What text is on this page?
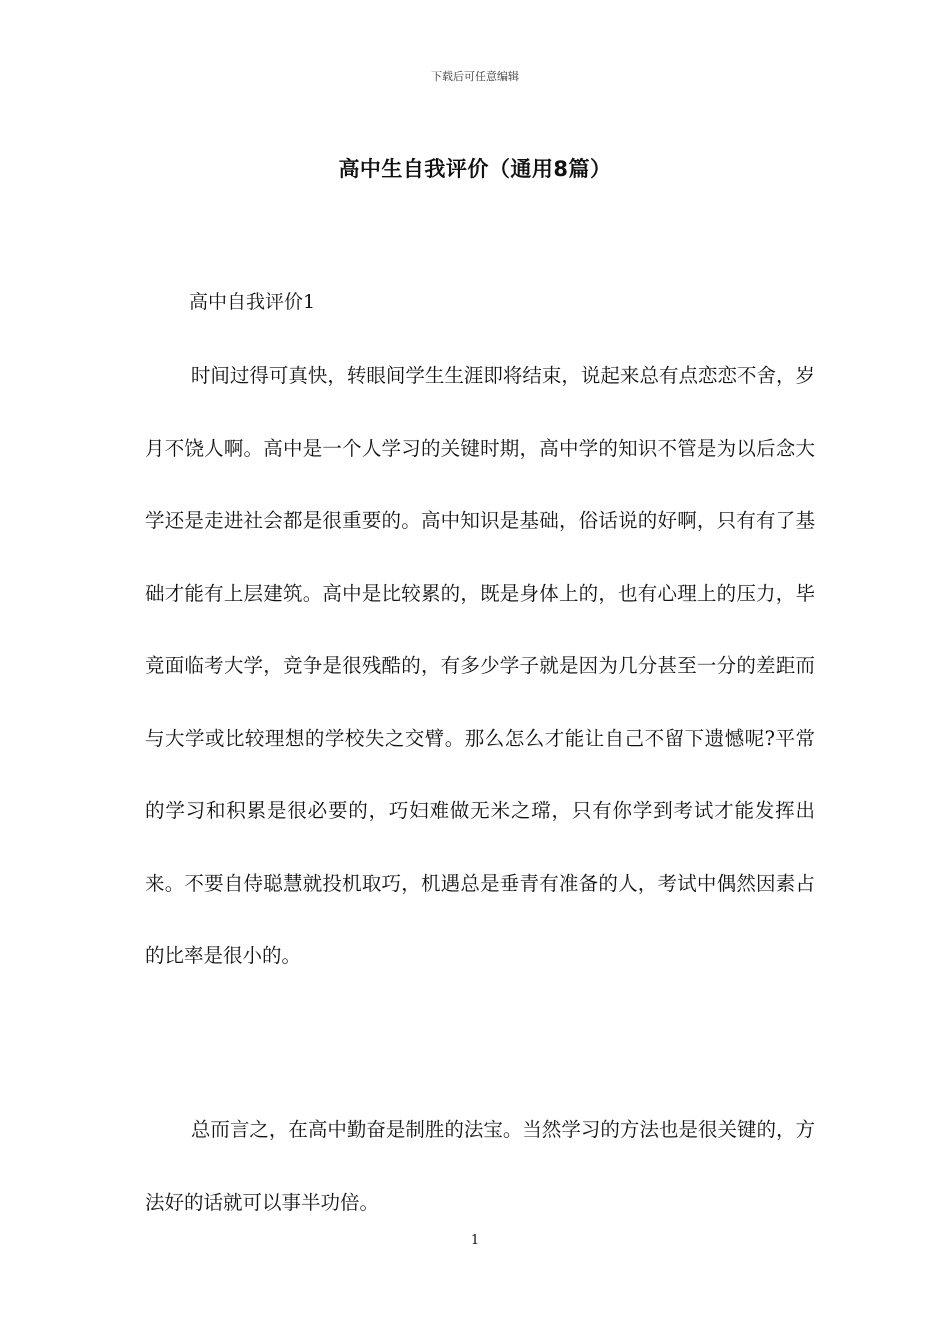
下载后可任意编辑
高中生自我评价（通用8篇）
高中自我评价1

时间过得可真快，转眼间学生生涯即将结束，说起来总有点恋恋不舍，岁月不饶人啊。高中是一个人学习的关键时期，高中学的知识不管是为以后念大学还是走进社会都是很重要的。高中知识是基础，俗话说的好啊，只有有了基础才能有上层建筑。高中是比较累的，既是身体上的，也有心理上的压力，毕竟面临考大学，竞争是很残酷的，有多少学子就是因为几分甚至一分的差距而与大学或比较理想的学校失之交臂。那么怎么才能让自己不留下遗憾呢?平常的学习和积累是很必要的，巧妇难做无米之瑺，只有你学到考试才能发挥出来。不要自侍聪慧就投机取巧，机遇总是垂青有准备的人，考试中偶然因素占的比率是很小的。

总而言之，在高中勤奋是制胜的法宝。当然学习的方法也是很关键的，方法好的话就可以事半功倍。

1
